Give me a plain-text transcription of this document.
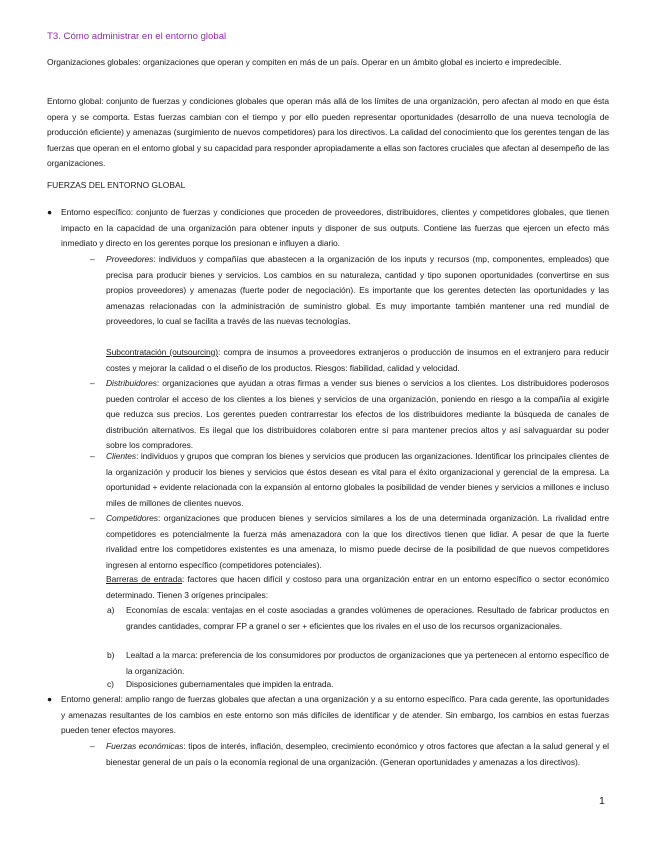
T3. Cómo administrar en el entorno global
Organizaciones globales: organizaciones que operan y compiten en más de un país. Operar en un ámbito global es incierto e impredecible.
Entorno global: conjunto de fuerzas y condiciones globales que operan más allá de los límites de una organización, pero afectan al modo en que ésta opera y se comporta. Estas fuerzas cambian con el tiempo y por ello pueden representar oportunidades (desarrollo de una nueva tecnología de producción eficiente) y amenazas (surgimiento de nuevos competidores) para los directivos. La calidad del conocimiento que los gerentes tengan de las fuerzas que operan en el entorno global y su capacidad para responder apropiadamente a ellas son factores cruciales que afectan al desempeño de las organizaciones.
FUERZAS DEL ENTORNO GLOBAL
● Entorno específico: conjunto de fuerzas y condiciones que proceden de proveedores, distribuidores, clientes y competidores globales, que tienen impacto en la capacidad de una organización para obtener inputs y disponer de sus outputs. Contiene las fuerzas que ejercen un efecto más inmediato y directo en los gerentes porque los presionan e influyen a diario.
– Proveedores: individuos y compañías que abastecen a la organización de los inputs y recursos (mp, componentes, empleados) que precisa para producir bienes y servicios. Los cambios en su naturaleza, cantidad y tipo suponen oportunidades (convertirse en sus propios proveedores) y amenazas (fuerte poder de negociación). Es importante que los gerentes detecten las oportunidades y las amenazas relacionadas con la administración de suministro global. Es muy importante también mantener una red mundial de proveedores, lo cual se facilita a través de las nuevas tecnologías.
Subcontratación (outsourcing): compra de insumos a proveedores extranjeros o producción de insumos en el extranjero para reducir costes y mejorar la calidad o el diseño de los productos. Riesgos: fiabilidad, calidad y velocidad.
– Distribuidores: organizaciones que ayudan a otras firmas a vender sus bienes o servicios a los clientes. Los distribuidores poderosos pueden controlar el acceso de los clientes a los bienes y servicios de una organización, poniendo en riesgo a la compañía al exigirle que reduzca sus precios. Los gerentes pueden contrarrestar los efectos de los distribuidores mediante la búsqueda de canales de distribución alternativos. Es ilegal que los distribuidores colaboren entre sí para mantener precios altos y así salvaguardar su poder sobre los compradores.
– Clientes: individuos y grupos que compran los bienes y servicios que producen las organizaciones. Identificar los principales clientes de la organización y producir los bienes y servicios que éstos desean es vital para el éxito organizacional y gerencial de la empresa. La oportunidad + evidente relacionada con la expansión al entorno globales la posibilidad de vender bienes y servicios a millones e incluso miles de millones de clientes nuevos.
– Competidores: organizaciones que producen bienes y servicios similares a los de una determinada organización. La rivalidad entre competidores es potencialmente la fuerza más amenazadora con la que los directivos tienen que lidiar. A pesar de que la fuerte rivalidad entre los competidores existentes es una amenaza, lo mismo puede decirse de la posibilidad de que nuevos competidores ingresen al entorno específico (competidores potenciales).
Barreras de entrada: factores que hacen difícil y costoso para una organización entrar en un entorno específico o sector económico determinado. Tienen 3 orígenes principales:
a) Economías de escala: ventajas en el coste asociadas a grandes volúmenes de operaciones. Resultado de fabricar productos en grandes cantidades, comprar FP a granel o ser + eficientes que los rivales en el uso de los recursos organizacionales.
b) Lealtad a la marca: preferencia de los consumidores por productos de organizaciones que ya pertenecen al entorno específico de la organización.
c) Disposiciones gubernamentales que impiden la entrada.
● Entorno general: amplio rango de fuerzas globales que afectan a una organización y a su entorno específico. Para cada gerente, las oportunidades y amenazas resultantes de los cambios en este entorno son más difíciles de identificar y de atender. Sin embargo, los cambios en estas fuerzas pueden tener efectos mayores.
– Fuerzas económicas: tipos de interés, inflación, desempleo, crecimiento económico y otros factores que afectan a la salud general y el bienestar general de un país o la economía regional de una organización. (Generan oportunidades y amenazas a los directivos).
1
